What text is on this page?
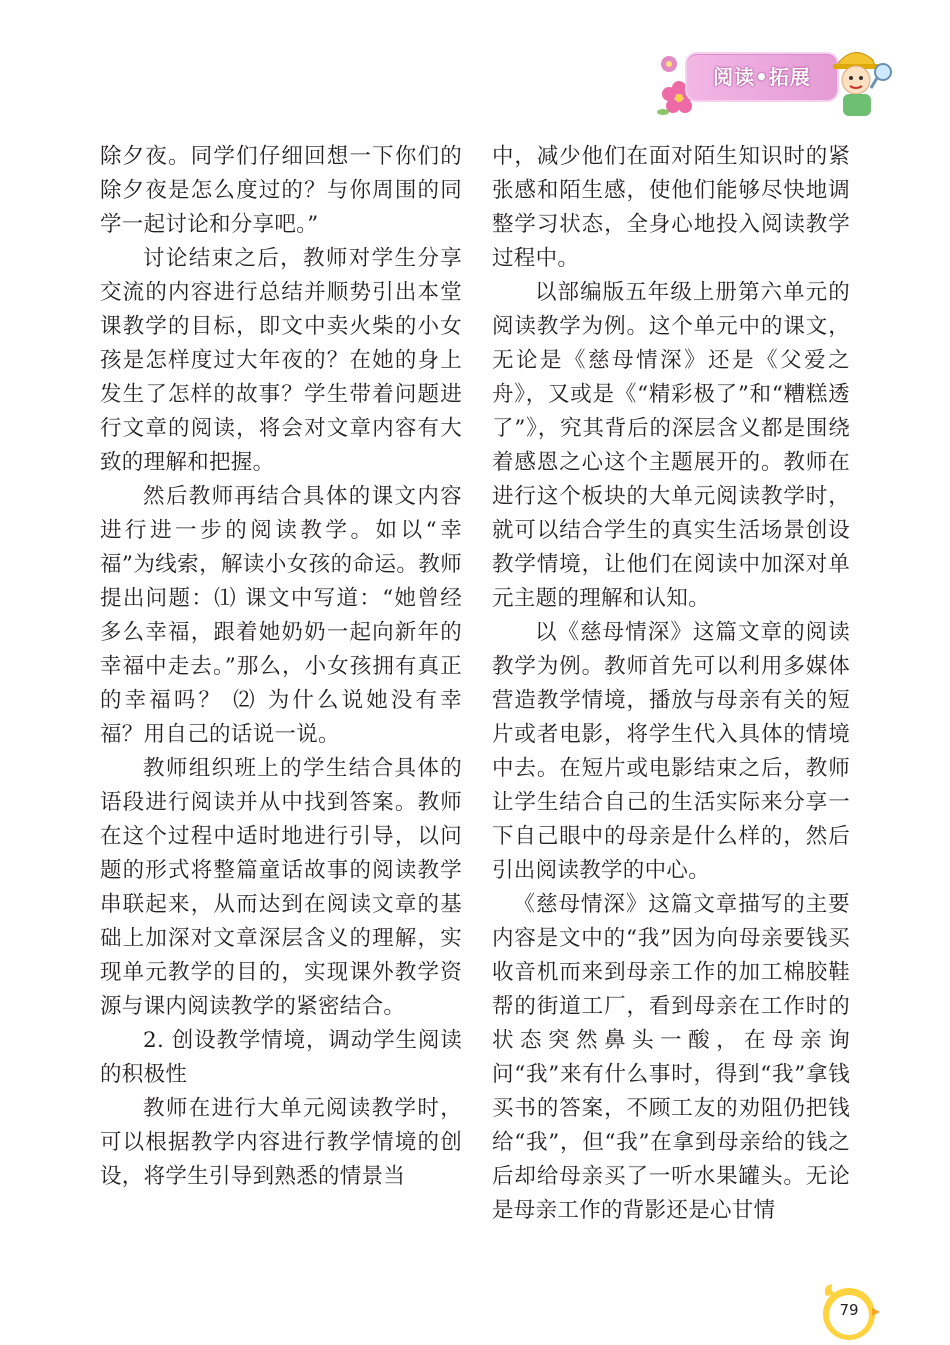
阅读•拓展

除夕夜。同学们仔细回想一下你们的除夕夜是怎么度过的？与你周围的同学一起讨论和分享吧。”

讨论结束之后，教师对学生分享交流的内容进行总结并顺势引出本堂课教学的目标，即文中卖火柴的小女孩是怎样度过大年夜的？在她的身上发生了怎样的故事？学生带着问题进行文章的阅读，将会对文章内容有大致的理解和把握。

然后教师再结合具体的课文内容进行进一步的阅读教学。如以“幸福”为线索，解读小女孩的命运。教师提出问题：⑴ 课文中写道：“她曾经多么幸福，跟着她奶奶一起向新年的幸福中走去。”那么，小女孩拥有真正的幸福吗？ ⑵ 为什么说她没有幸福？用自己的话说一说。

教师组织班上的学生结合具体的语段进行阅读并从中找到答案。教师在这个过程中适时地进行引导，以问题的形式将整篇童话故事的阅读教学串联起来，从而达到在阅读文章的基础上加深对文章深层含义的理解，实现单元教学的目的，实现课外教学资源与课内阅读教学的紧密结合。

2. 创设教学情境，调动学生阅读的积极性

教师在进行大单元阅读教学时，可以根据教学内容进行教学情境的创设，将学生引导到熟悉的情景当

中，减少他们在面对陌生知识时的紧张感和陌生感，使他们能够尽快地调整学习状态，全身心地投入阅读教学过程中。

以部编版五年级上册第六单元的阅读教学为例。这个单元中的课文，无论是《慈母情深》还是《父爱之舟》，又或是《“精彩极了”和“糟糕透了”》，究其背后的深层含义都是围绕着感恩之心这个主题展开的。教师在进行这个板块的大单元阅读教学时，就可以结合学生的真实生活场景创设教学情境，让他们在阅读中加深对单元主题的理解和认知。

以《慈母情深》这篇文章的阅读教学为例。教师首先可以利用多媒体营造教学情境，播放与母亲有关的短片或者电影，将学生代入具体的情境中去。在短片或电影结束之后，教师让学生结合自己的生活实际来分享一下自己眼中的母亲是什么样的，然后引出阅读教学的中心。

《慈母情深》这篇文章描写的主要内容是文中的“我”因为向母亲要钱买收音机而来到母亲工作的加工棉胶鞋帮的街道工厂，看到母亲在工作时的状态突然鼻头一酸，在母亲询问“我”来有什么事时，得到“我”拿钱买书的答案，不顾工友的劝阻仍把钱给“我”，但“我”在拿到母亲给的钱之后却给母亲买了一听水果罐头。无论是母亲工作的背影还是心甘情

79
